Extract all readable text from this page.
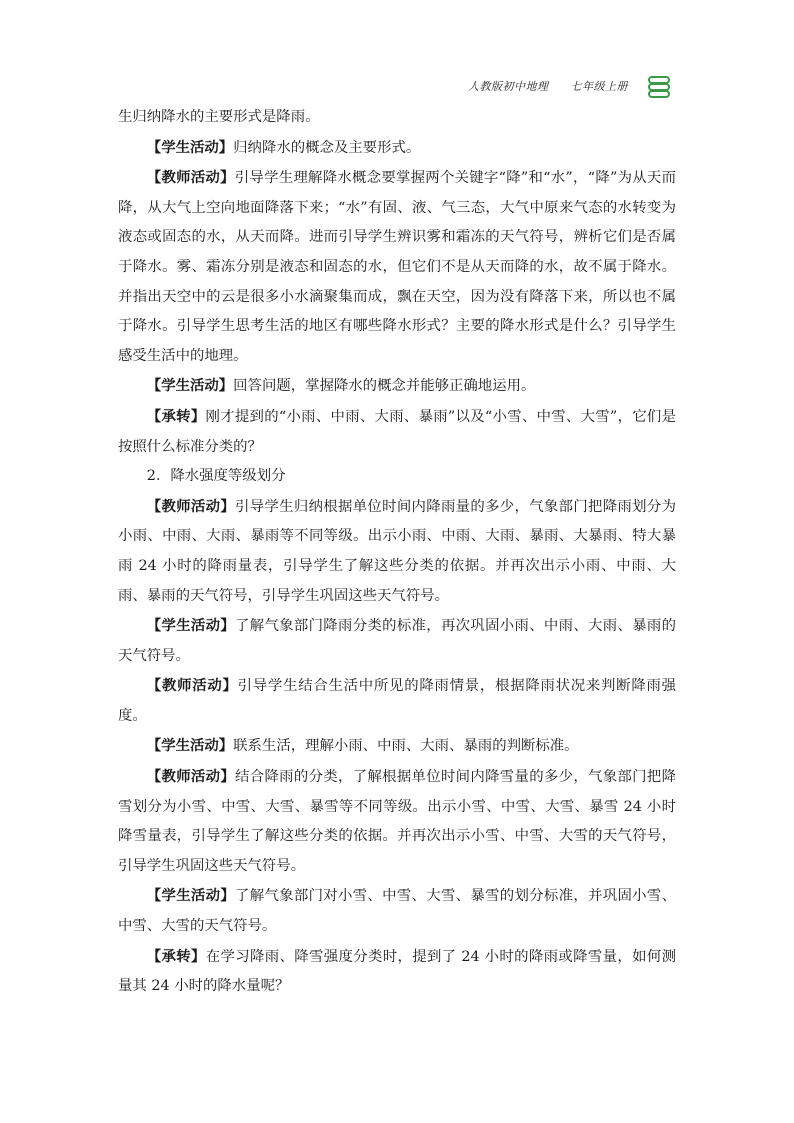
人教版初中地理 七年级上册

生归纳降水的主要形式是降雨。

【学生活动】归纳降水的概念及主要形式。

【教师活动】引导学生理解降水概念要掌握两个关键字“降”和“水”，“降”为从天而降，从大气上空向地面降落下来；“水”有固、液、气三态，大气中原来气态的水转变为液态或固态的水，从天而降。进而引导学生辨识雾和霜冻的天气符号，辨析它们是否属于降水。雾、霜冻分别是液态和固态的水，但它们不是从天而降的水，故不属于降水。并指出天空中的云是很多小水滴聚集而成，飘在天空，因为没有降落下来，所以也不属于降水。引导学生思考生活的地区有哪些降水形式？主要的降水形式是什么？引导学生感受生活中的地理。

【学生活动】回答问题，掌握降水的概念并能够正确地运用。

【承转】刚才提到的“小雨、中雨、大雨、暴雨”以及“小雪、中雪、大雪”，它们是按照什么标准分类的？

2．降水强度等级划分

【教师活动】引导学生归纳根据单位时间内降雨量的多少，气象部门把降雨划分为小雨、中雨、大雨、暴雨等不同等级。出示小雨、中雨、大雨、暴雨、大暴雨、特大暴雨 24 小时的降雨量表，引导学生了解这些分类的依据。并再次出示小雨、中雨、大雨、暴雨的天气符号，引导学生巩固这些天气符号。

【学生活动】了解气象部门降雨分类的标准，再次巩固小雨、中雨、大雨、暴雨的天气符号。

【教师活动】引导学生结合生活中所见的降雨情景，根据降雨状况来判断降雨强度。

【学生活动】联系生活，理解小雨、中雨、大雨、暴雨的判断标准。

【教师活动】结合降雨的分类，了解根据单位时间内降雪量的多少，气象部门把降雪划分为小雪、中雪、大雪、暴雪等不同等级。出示小雪、中雪、大雪、暴雪 24 小时降雪量表，引导学生了解这些分类的依据。并再次出示小雪、中雪、大雪的天气符号，引导学生巩固这些天气符号。

【学生活动】了解气象部门对小雪、中雪、大雪、暴雪的划分标准，并巩固小雪、中雪、大雪的天气符号。

【承转】在学习降雨、降雪强度分类时，提到了 24 小时的降雨或降雪量，如何测量其 24 小时的降水量呢？
